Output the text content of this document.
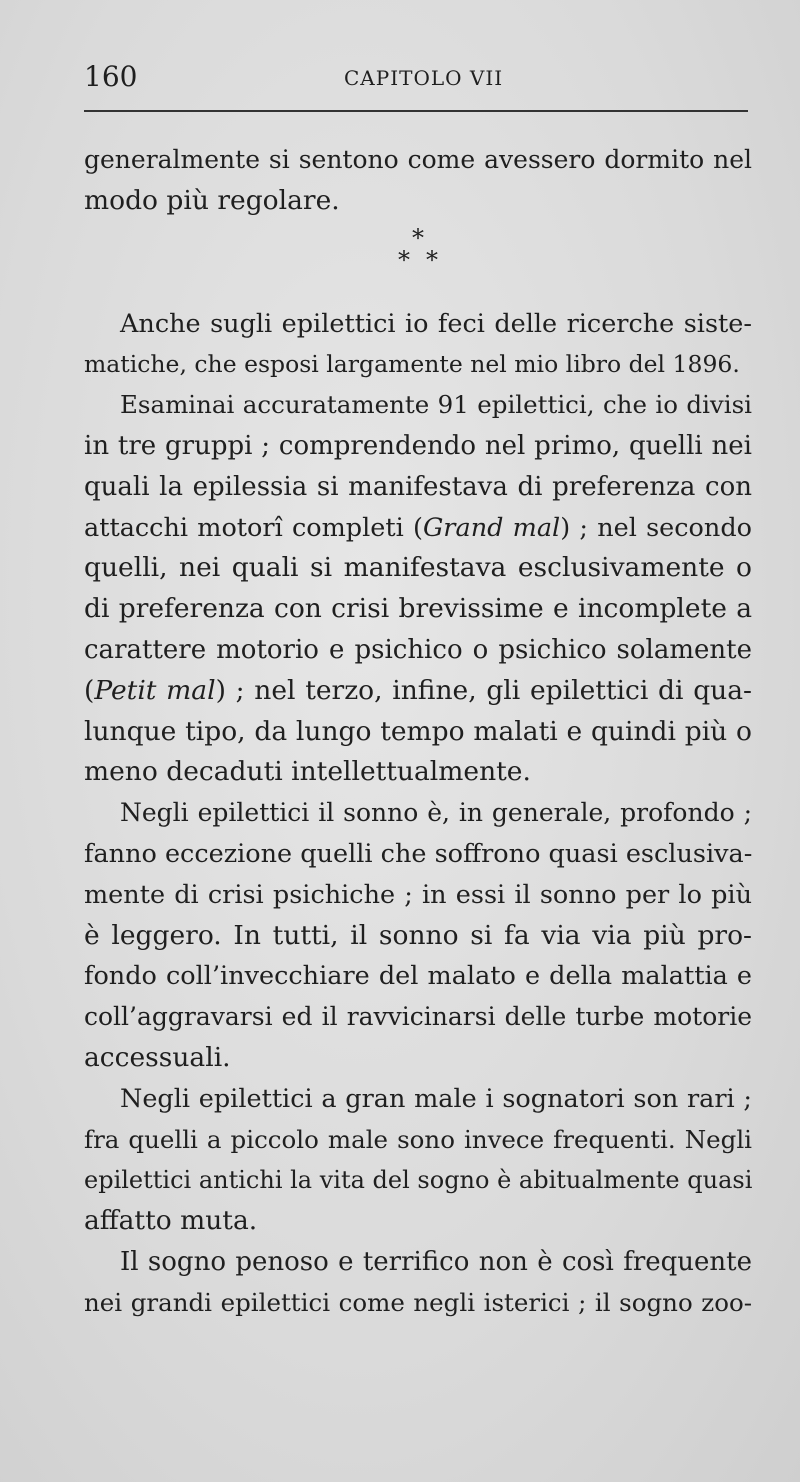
160	CAPITOLO VII
generalmente si sentono come avessero dormito nel
modo più regolare.
*
* *
Anche sugli epilettici io feci delle ricerche siste-
matiche, che esposi largamente nel mio libro del 1896.
Esaminai accuratamente 91 epilettici, che io divisi
in tre gruppi ; comprendendo nel primo, quelli nei
quali la epilessia si manifestava di preferenza con
attacchi motorî completi (Grand mal) ; nel secondo
quelli, nei quali si manifestava esclusivamente o
di preferenza con crisi brevissime e incomplete a
carattere motorio e psichico o psichico solamente
(Petit mal) ; nel terzo, infine, gli epilettici di qua-
lunque tipo, da lungo tempo malati e quindi più o
meno decaduti intellettualmente.
Negli epilettici il sonno è, in generale, profondo ;
fanno eccezione quelli che soffrono quasi esclusiva-
mente di crisi psichiche ; in essi il sonno per lo più
è leggero. In tutti, il sonno si fa via via più pro-
fondo coll’invecchiare del malato e della malattia e
coll’aggravarsi ed il ravvicinarsi delle turbe motorie
accessuali.
Negli epilettici a gran male i sognatori son rari ;
fra quelli a piccolo male sono invece frequenti. Negli
epilettici antichi la vita del sogno è abitualmente quasi
affatto muta.
Il sogno penoso e terrifico non è così frequente
nei grandi epilettici come negli isterici ; il sogno zoo-
